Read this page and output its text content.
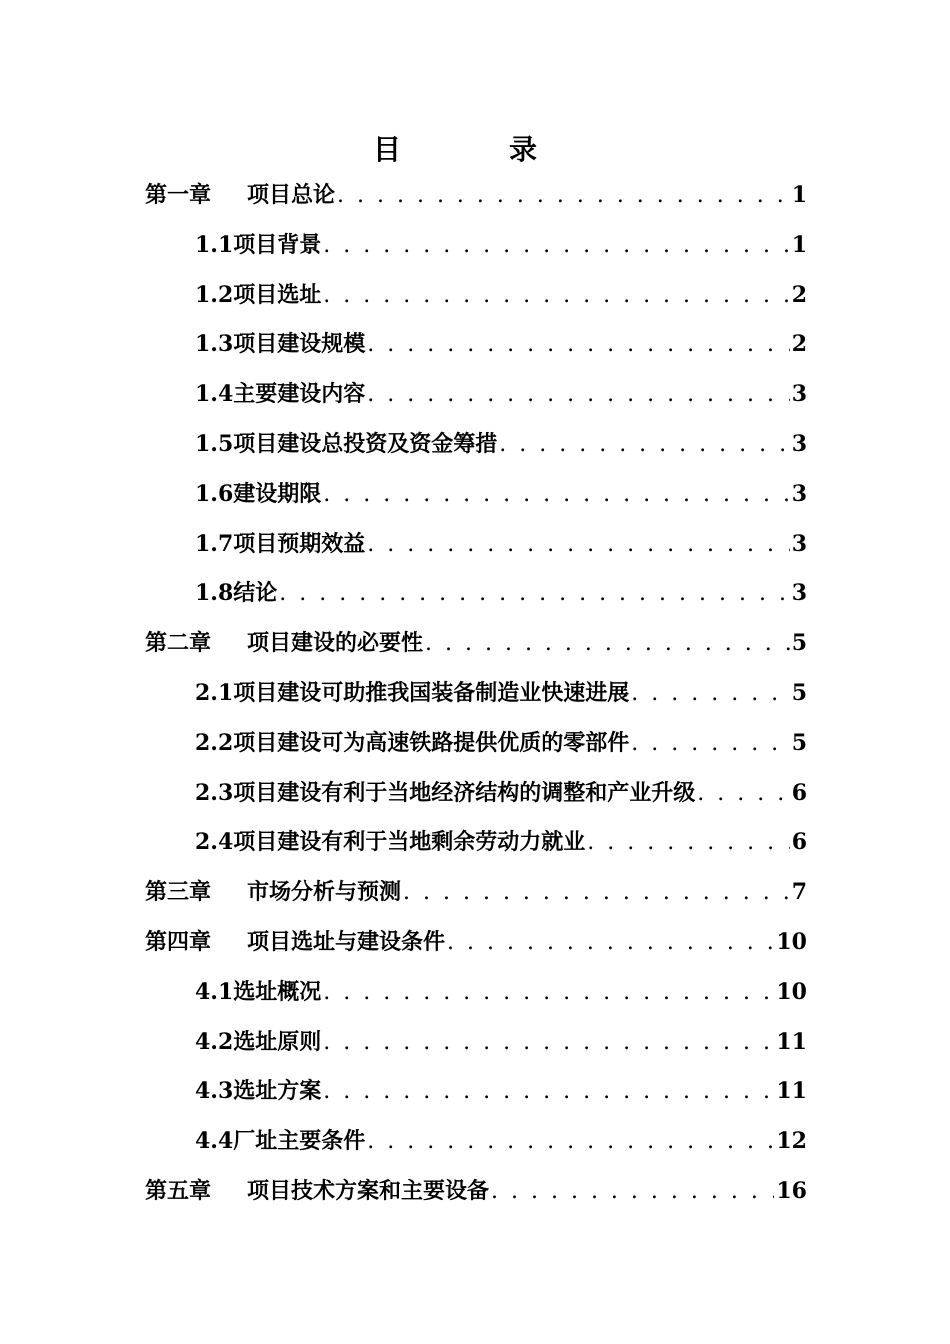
目　录
第一章	项目总论 . . .	1
1.1项目背景 . . .	1
1.2项目选址 . . .	2
1.3项目建设规模 . . .	2
1.4主要建设内容 . . .	3
1.5项目建设总投资及资金筹措 . . .	3
1.6建设期限 . . .	3
1.7项目预期效益 . . .	3
1.8结论 . . .	3
第二章	项目建设的必要性 . . .	5
2.1项目建设可助推我国装备制造业快速进展 . . .	5
2.2项目建设可为高速铁路提供优质的零部件 . . .	5
2.3项目建设有利于当地经济结构的调整和产业升级 . . .	6
2.4项目建设有利于当地剩余劳动力就业 . . .	6
第三章	市场分析与预测 . . .	7
第四章	项目选址与建设条件 . . .	10
4.1选址概况 . . .	10
4.2选址原则 . . .	11
4.3选址方案 . . .	11
4.4厂址主要条件 . . .	12
第五章	项目技术方案和主要设备 . . .	16
